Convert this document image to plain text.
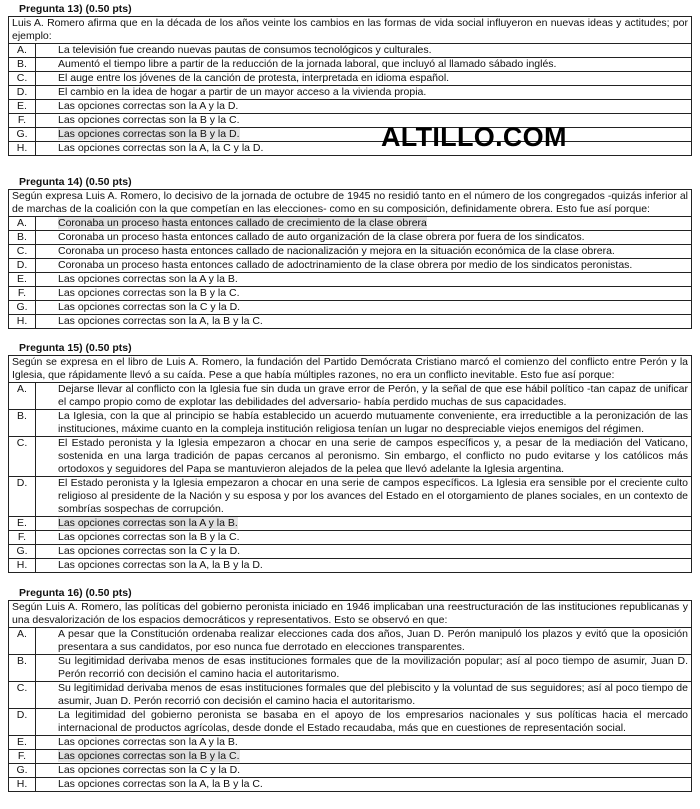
Pregunta 13) (0.50 pts)
Luis A. Romero afirma que en la década de los años veinte los cambios en las formas de vida social influyeron en nuevas ideas y actitudes; por ejemplo:
A.	La televisión fue creando nuevas pautas de consumos tecnológicos y culturales.
B.	Aumentó el tiempo libre a partir de la reducción de la jornada laboral, que incluyó al llamado sábado inglés.
C.	El auge entre los jóvenes de la canción de protesta, interpretada en idioma español.
D.	El cambio en la idea de hogar a partir de un mayor acceso a la vivienda propia.
E.	Las opciones correctas son la A y la D.
F.	Las opciones correctas son la B y la C.
G.	Las opciones correctas son la B y la D.
H.	Las opciones correctas son la A, la C y la D.	ALTILLO.COM
Pregunta 14) (0.50 pts)
Según expresa Luis A. Romero, lo decisivo de la jornada de octubre de 1945 no residió tanto en el número de los congregados -quizás inferior al de marchas de la coalición con la que competían en las elecciones- como en su composición, definidamente obrera. Esto fue así porque:
A.	Coronaba un proceso hasta entonces callado de crecimiento de la clase obrera
B.	Coronaba un proceso hasta entonces callado de auto organización de la clase obrera por fuera de los sindicatos.
C.	Coronaba un proceso hasta entonces callado de nacionalización y mejora en la situación económica de la clase obrera.
D.	Coronaba un proceso hasta entonces callado de adoctrinamiento de la clase obrera por medio de los sindicatos peronistas.
E.	Las opciones correctas son la A y la B.
F.	Las opciones correctas son la B y la C.
G.	Las opciones correctas son la C y la D.
H.	Las opciones correctas son la A, la B y la C.
Pregunta 15) (0.50 pts)
Según se expresa en el libro de Luis A. Romero, la fundación del Partido Demócrata Cristiano marcó el comienzo del conflicto entre Perón y la Iglesia, que rápidamente llevó a su caída. Pese a que había múltiples razones, no era un conflicto inevitable. Esto fue así porque:
A.	Dejarse llevar al conflicto con la Iglesia fue sin duda un grave error de Perón, y la señal de que ese hábil político -tan capaz de unificar el campo propio como de explotar las debilidades del adversario- había perdido muchas de sus capacidades.
B.	La Iglesia, con la que al principio se había establecido un acuerdo mutuamente conveniente, era irreductible a la peronización de las instituciones, máxime cuanto en la compleja institución religiosa tenían un lugar no despreciable viejos enemigos del régimen.
C.	El Estado peronista y la Iglesia empezaron a chocar en una serie de campos específicos y, a pesar de la mediación del Vaticano, sostenida en una larga tradición de papas cercanos al peronismo. Sin embargo, el conflicto no pudo evitarse y los católicos más ortodoxos y seguidores del Papa se mantuvieron alejados de la pelea que llevó adelante la Iglesia argentina.
D.	El Estado peronista y la Iglesia empezaron a chocar en una serie de campos específicos. La Iglesia era sensible por el creciente culto religioso al presidente de la Nación y su esposa y por los avances del Estado en el otorgamiento de planes sociales, en un contexto de sombrías sospechas de corrupción.
E.	Las opciones correctas son la A y la B.
F.	Las opciones correctas son la B y la C.
G.	Las opciones correctas son la C y la D.
H.	Las opciones correctas son la A, la B y la D.
Pregunta 16) (0.50 pts)
Según Luis A. Romero, las políticas del gobierno peronista iniciado en 1946 implicaban una reestructuración de las instituciones republicanas y una desvalorización de los espacios democráticos y representativos. Esto se observó en que:
A.	A pesar que la Constitución ordenaba realizar elecciones cada dos años, Juan D. Perón manipuló los plazos y evitó que la oposición presentara a sus candidatos, por eso nunca fue derrotado en elecciones transparentes.
B.	Su legitimidad derivaba menos de esas instituciones formales que de la movilización popular; así al poco tiempo de asumir, Juan D. Perón recorrió con decisión el camino hacia el autoritarismo.
C.	Su legitimidad derivaba menos de esas instituciones formales que del plebiscito y la voluntad de sus seguidores; así al poco tiempo de asumir, Juan D. Perón recorrió con decisión el camino hacia el autoritarismo.
D.	La legitimidad del gobierno peronista se basaba en el apoyo de los empresarios nacionales y sus políticas hacia el mercado internacional de productos agrícolas, desde donde el Estado recaudaba, más que en cuestiones de representación social.
E.	Las opciones correctas son la A y la B.
F.	Las opciones correctas son la B y la C.
G.	Las opciones correctas son la C y la D.
H.	Las opciones correctas son la A, la B y la C.
